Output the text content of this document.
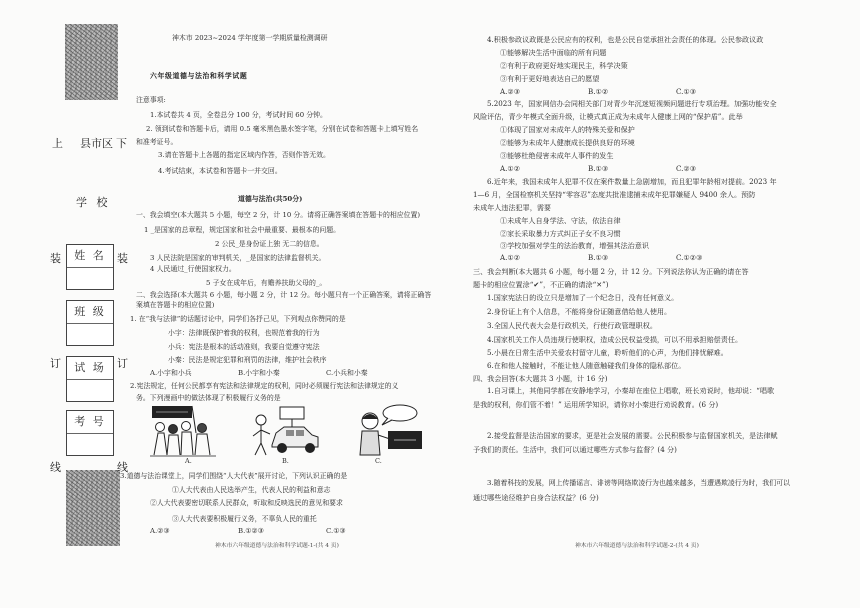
上 县市区 下
学 校
装	装
姓 名
班 级
订	订
试 场
考 号
线	线
神木市 2023~2024 学年度第一学期质量检测调研
六年级道德与法治和科学试题
注意事项:
1.本试卷共 4 页，全卷总分 100 分，考试时间 60 分钟。
2. 领到试卷和答题卡后，请用 0.5 毫米黑色墨水签字笔，分别在试卷和答题卡上填写姓名
和准考证号。
3.请在答题卡上各题的指定区域内作答，否则作答无效。
4.考试结束，本试卷和答题卡一并交回。
道德与法治(共50分)
一、我会填空(本大题共 5 小题，每空 2 分，计 10 分。请将正确答案填在答题卡的相应位置)
1 _是国家的总章程，规定国家和社会中最重要、最根本的问题。
2 公民_是身份证上独 无二的信息。
3 人民法院是国家的审判机关，_是国家的法律监督机关。
4 人民通过_行使国家权力。
5 子女在成年后，有赡养扶助父母的_。
二、我会选择(本大题共 6 小题，每小题 2 分，计 12 分。每小题只有一个正确答案，请将正确答
案填在答题卡的相应位置)
1. 在“我与法律”的话题讨论中，同学们各抒己见，下列观点你赞同的是
小宇：法律既保护着我的权利，也规范着我的行为
小兵：宪法是根本的活动准则，我要自觉遵守宪法
小秦：民法是规定犯罪和刑罚的法律，维护社会秩序
A.小宇和小兵	B.小宇和小秦	C.小兵和小秦
2.宪法规定，任何公民都享有宪法和法律规定的权利，同时必须履行宪法和法律规定的义
务。下列漫画中的做法体现了积极履行义务的是
A.	B.	C.
3.道德与法治课堂上，同学们围绕“人大代表”展开讨论，下列认识正确的是
①人大代表由人民选举产生，代表人民的利益和意志
②人大代表要密切联系人民群众，听取和反映选民的意见和要求
③人大代表要积极履行义务，不辜负人民的重托
A.②③	B.①②③	C.①③
神木市六年级道德与法治和科学试题-1-(共 4 页)
4.积极参政议政既是公民应有的权利，也是公民自觉承担社会责任的体现。公民参政议政
①能够解决生活中面临的所有问题
②有利于政府更好地实现民主，科学决策
③有利于更好地表达自己的愿望
A.②③	B.①②	C.①③
5.2023 年，国家网信办会同相关部门对青少年沉迷短视频问题进行专项治理。加强功能安全
风险评估，青少年模式全面升级，让模式真正成为未成年人健康上网的“保护盾”。此举
①体现了国家对未成年人的特殊关爱和保护
②能够为未成年人健康成长提供良好的环境
③能够杜绝侵害未成年人事件的发生
A.①②	B.①③	C.②③
6.近年来，我国未成年人犯罪不仅在案件数量上急剧增加，而且犯罪年龄相对提前。2023 年
1—6 月，全国检察机关坚持“零容忍”态度共批准逮捕未成年犯罪嫌疑人 9400 余人。预防
未成年人违法犯罪，需要
①未成年人自身学法、守法，依法自律
②家长采取暴力方式纠正子女不良习惯
③学校加强对学生的法治教育，增强其法治意识
A.①②	B.①③	C.①②③
三、我会判断(本大题共 6 小题，每小题 2 分，计 12 分。下列说法你认为正确的请在答
题卡的相应位置涂“✔”，不正确的请涂“✕”)
1.国家宪法日的设立只是增加了一个纪念日，没有任何意义。
2.身份证上有个人信息，不能将身份证随意借给他人使用。
3.全国人民代表大会是行政机关，行使行政管理职权。
4.国家机关工作人员违规行使职权，造成公民权益受损，可以不用承担赔偿责任。
5.小晨在日常生活中关爱农村留守儿童，聆听他们的心声，为他们排忧解难。
6.在和他人接触时，不能让他人随意触碰我们身体的隐私部位。
四、我会回答(本大题共 3 小题，计 16 分)
1.自习课上，其他同学都在安静地学习，小秦却在座位上唱歌，班长劝说时，他却说：“唱歌
是我的权利，你们管不着！” 运用所学知识，请你对小秦进行劝说教育。(6 分)
2.接受监督是法治国家的要求，更是社会发展的需要。公民积极参与监督国家机关，是法律赋
予我们的责任。生活中，我们可以通过哪些方式参与监督？(4 分)
3.随着科技的发展，网上传播谣言、诽谤等网络欺凌行为也越来越多，当遭遇欺凌行为时，我们可以
通过哪些途径维护自身合法权益？(6 分)
神木市六年级道德与法治和科学试题-2-(共 4 页)
